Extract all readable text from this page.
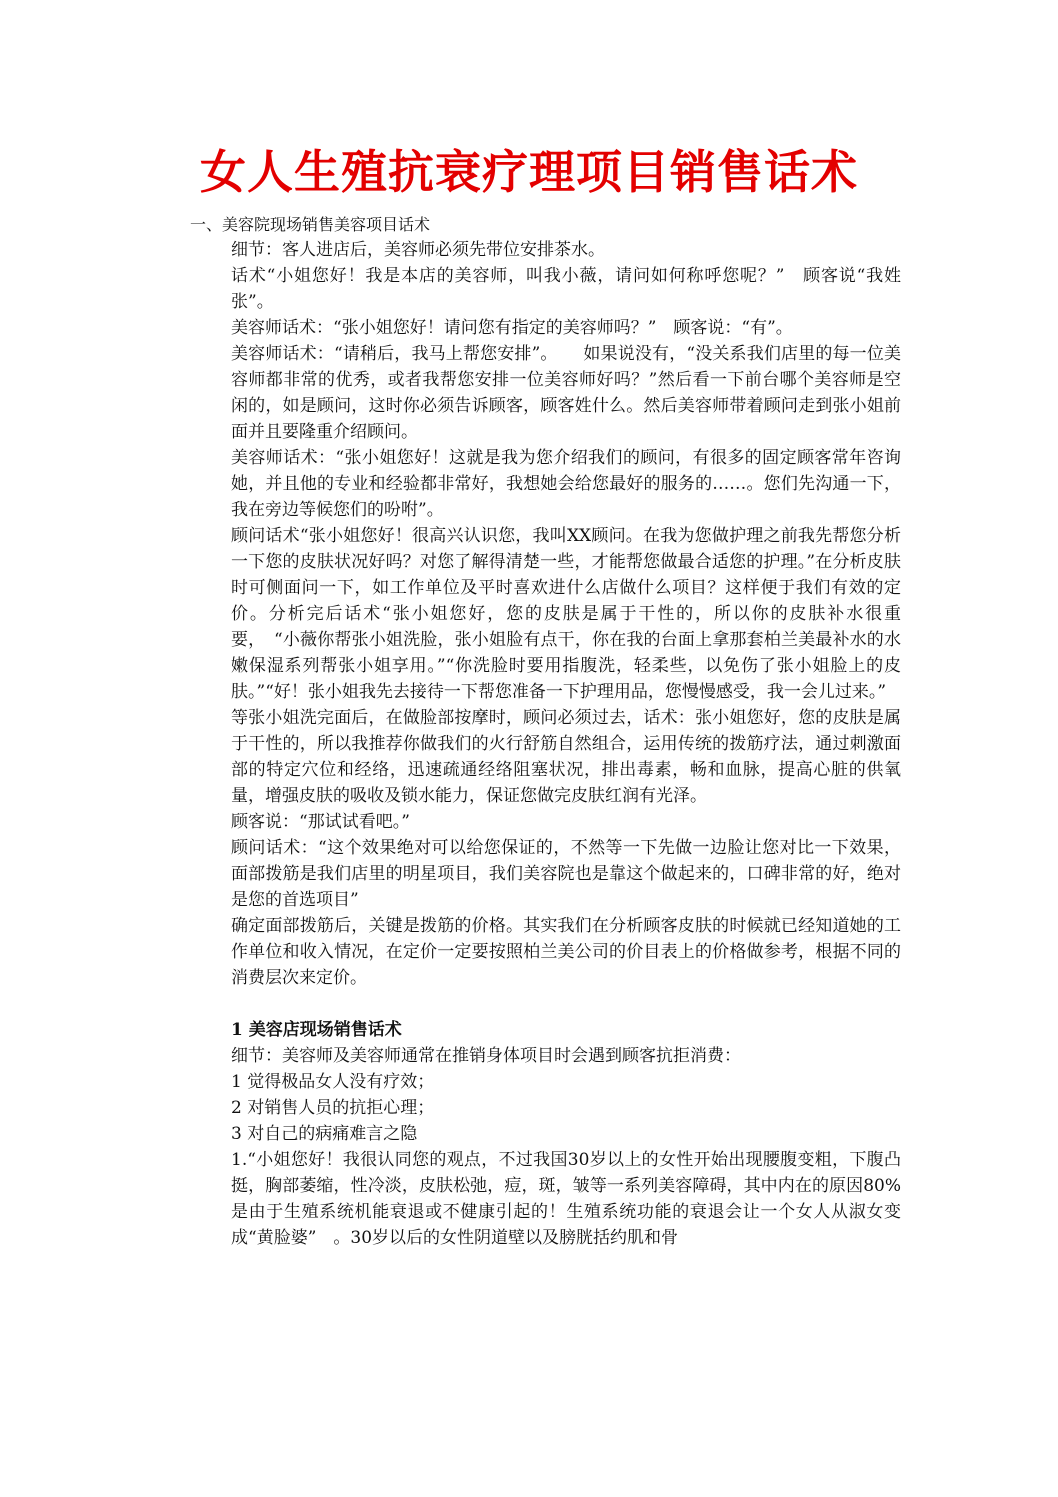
女人生殖抗衰疗理项目销售话术
一、美容院现场销售美容项目话术

细节：客人进店后，美容师必须先带位安排茶水。

话术“小姐您好！我是本店的美容师，叫我小薇，请问如何称呼您呢？”　顾客说“我姓张”。

美容师话术：“张小姐您好！请问您有指定的美容师吗？”　顾客说：“有”。

美容师话术：“请稍后，我马上帮您安排”。　　如果说没有，“没关系我们店里的每一位美容师都非常的优秀，或者我帮您安排一位美容师好吗？”然后看一下前台哪个美容师是空闲的，如是顾问，这时你必须告诉顾客，顾客姓什么。然后美容师带着顾问走到张小姐前面并且要隆重介绍顾问。

美容师话术：“张小姐您好！这就是我为您介绍我们的顾问，有很多的固定顾客常年咨询她，并且他的专业和经验都非常好，我想她会给您最好的服务的……。您们先沟通一下，我在旁边等候您们的吩咐”。

顾问话术“张小姐您好！很高兴认识您，我叫XX顾问。在我为您做护理之前我先帮您分析一下您的皮肤状况好吗？对您了解得清楚一些，才能帮您做最合适您的护理。”在分析皮肤时可侧面问一下，如工作单位及平时喜欢进什么店做什么项目？这样便于我们有效的定价。分析完后话术“张小姐您好，您的皮肤是属于干性的，所以你的皮肤补水很重要，　“小薇你帮张小姐洗脸，张小姐脸有点干，你在我的台面上拿那套柏兰美最补水的水嫩保湿系列帮张小姐享用。”“你洗脸时要用指腹洗，轻柔些，以免伤了张小姐脸上的皮肤。”“好！张小姐我先去接待一下帮您准备一下护理用品，您慢慢感受，我一会儿过来。”

等张小姐洗完面后，在做脸部按摩时，顾问必须过去，话术：张小姐您好，您的皮肤是属于干性的，所以我推荐你做我们的火行舒筋自然组合，运用传统的拨筋疗法，通过刺激面部的特定穴位和经络，迅速疏通经络阻塞状况，排出毒素，畅和血脉，提高心脏的供氧量，增强皮肤的吸收及锁水能力，保证您做完皮肤红润有光泽。

顾客说：“那试试看吧。”

顾问话术：“这个效果绝对可以给您保证的，不然等一下先做一边脸让您对比一下效果，面部拨筋是我们店里的明星项目，我们美容院也是靠这个做起来的，口碑非常的好，绝对是您的首选项目”

确定面部拨筋后，关键是拨筋的价格。其实我们在分析顾客皮肤的时候就已经知道她的工作单位和收入情况，在定价一定要按照柏兰美公司的价目表上的价格做参考，根据不同的消费层次来定价。

1 美容店现场销售话术

细节：美容师及美容师通常在推销身体项目时会遇到顾客抗拒消费：

1 觉得极品女人没有疗效；

2 对销售人员的抗拒心理；

3 对自己的病痛难言之隐

1.“小姐您好！我很认同您的观点，不过我国30岁以上的女性开始出现腰腹变粗，下腹凸挺，胸部萎缩，性冷淡，皮肤松弛，痘，斑，皱等一系列美容障碍，其中内在的原因80%是由于生殖系统机能衰退或不健康引起的！生殖系统功能的衰退会让一个女人从淑女变成“黄脸婆”　。30岁以后的女性阴道壁以及膀胱括约肌和骨
